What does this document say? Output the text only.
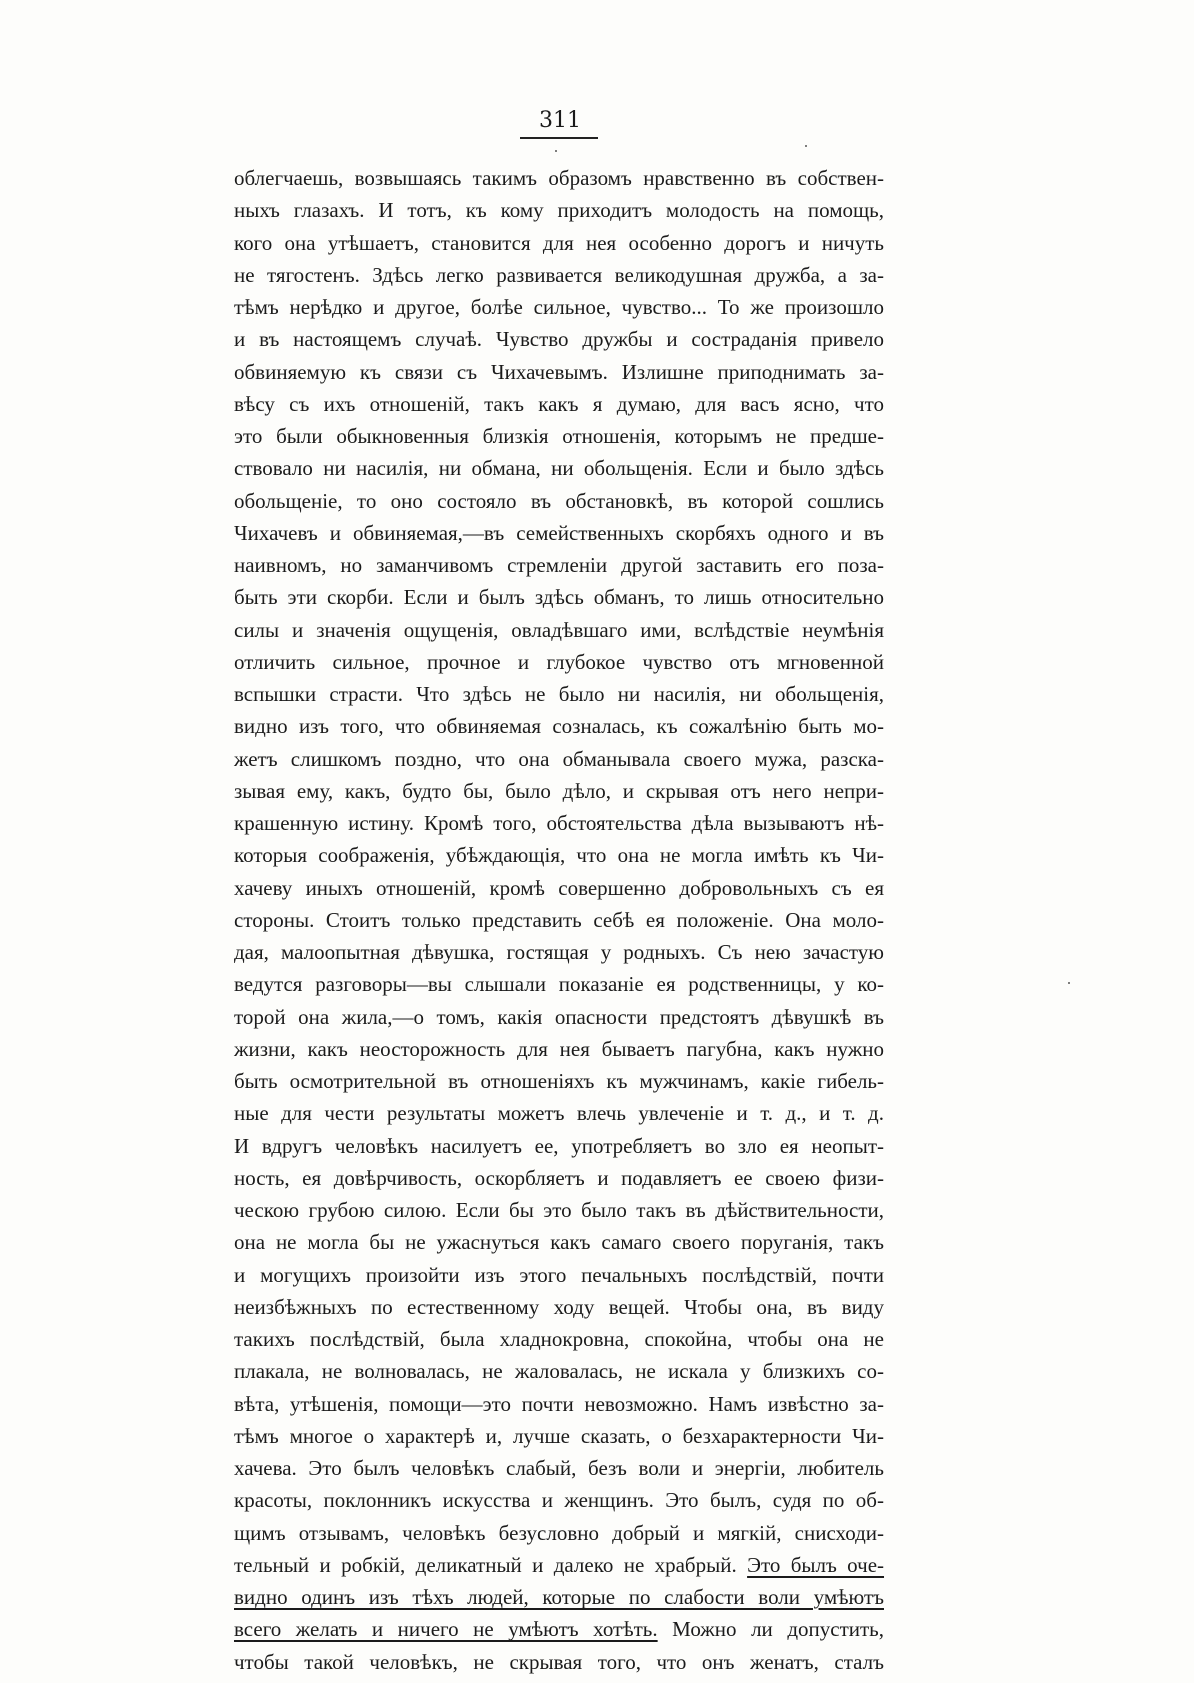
311
облегчаешь, возвышаясь такимъ образомъ нравственно въ собствен-
ныхъ глазахъ. И тотъ, къ кому приходитъ молодость на помощь,
кого она утѣшаетъ, становится для нея особенно дорогъ и ничуть
не тягостенъ. Здѣсь легко развивается великодушная дружба, а за-
тѣмъ нерѣдко и другое, болѣе сильное, чувство... То же произошло
и въ настоящемъ случаѣ. Чувство дружбы и состраданія привело
обвиняемую къ связи съ Чихачевымъ. Излишне приподнимать за-
вѣсу съ ихъ отношеній, такъ какъ я думаю, для васъ ясно, что
это были обыкновенныя близкія отношенія, которымъ не предше-
ствовало ни насилія, ни обмана, ни обольщенія. Если и было здѣсь
обольщеніе, то оно состояло въ обстановкѣ, въ которой сошлись
Чихачевъ и обвиняемая,—въ семейственныхъ скорбяхъ одного и въ
наивномъ, но заманчивомъ стремленіи другой заставить его поза-
быть эти скорби. Если и былъ здѣсь обманъ, то лишь относительно
силы и значенія ощущенія, овладѣвшаго ими, вслѣдствіе неумѣнія
отличить сильное, прочное и глубокое чувство отъ мгновенной
вспышки страсти. Что здѣсь не было ни насилія, ни обольщенія,
видно изъ того, что обвиняемая созналась, къ сожалѣнію быть мо-
жетъ слишкомъ поздно, что она обманывала своего мужа, разска-
зывая ему, какъ, будто бы, было дѣло, и скрывая отъ него непри-
крашенную истину. Кромѣ того, обстоятельства дѣла вызываютъ нѣ-
которыя соображенія, убѣждающія, что она не могла имѣть къ Чи-
хачеву иныхъ отношеній, кромѣ совершенно добровольныхъ съ ея
стороны. Стоитъ только представить себѣ ея положеніе. Она моло-
дая, малоопытная дѣвушка, гостящая у родныхъ. Съ нею зачастую
ведутся разговоры—вы слышали показаніе ея родственницы, у ко-
торой она жила,—о томъ, какія опасности предстоятъ дѣвушкѣ въ
жизни, какъ неосторожность для нея бываетъ пагубна, какъ нужно
быть осмотрительной въ отношеніяхъ къ мужчинамъ, какіе гибель-
ные для чести результаты можетъ влечь увлеченіе и т. д., и т. д.
И вдругъ человѣкъ насилуетъ ее, употребляетъ во зло ея неопыт-
ность, ея довѣрчивость, оскорбляетъ и подавляетъ ее своею физи-
ческою грубою силою. Если бы это было такъ въ дѣйствительности,
она не могла бы не ужаснуться какъ самаго своего поруганія, такъ
и могущихъ произойти изъ этого печальныхъ послѣдствій, почти
неизбѣжныхъ по естественному ходу вещей. Чтобы она, въ виду
такихъ послѣдствій, была хладнокровна, спокойна, чтобы она не
плакала, не волновалась, не жаловалась, не искала у близкихъ со-
вѣта, утѣшенія, помощи—это почти невозможно. Намъ извѣстно за-
тѣмъ многое о характерѣ и, лучше сказать, о безхарактерности Чи-
хачева. Это былъ человѣкъ слабый, безъ воли и энергіи, любитель
красоты, поклонникъ искусства и женщинъ. Это былъ, судя по об-
щимъ отзывамъ, человѣкъ безусловно добрый и мягкій, снисходи-
тельный и робкій, деликатный и далеко не храбрый. Это былъ оче-
видно одинъ изъ тѣхъ людей, которые по слабости воли умѣютъ
всего желать и ничего не умѣютъ хотѣть. Можно ли допустить,
чтобы такой человѣкъ, не скрывая того, что онъ женатъ, сталъ
